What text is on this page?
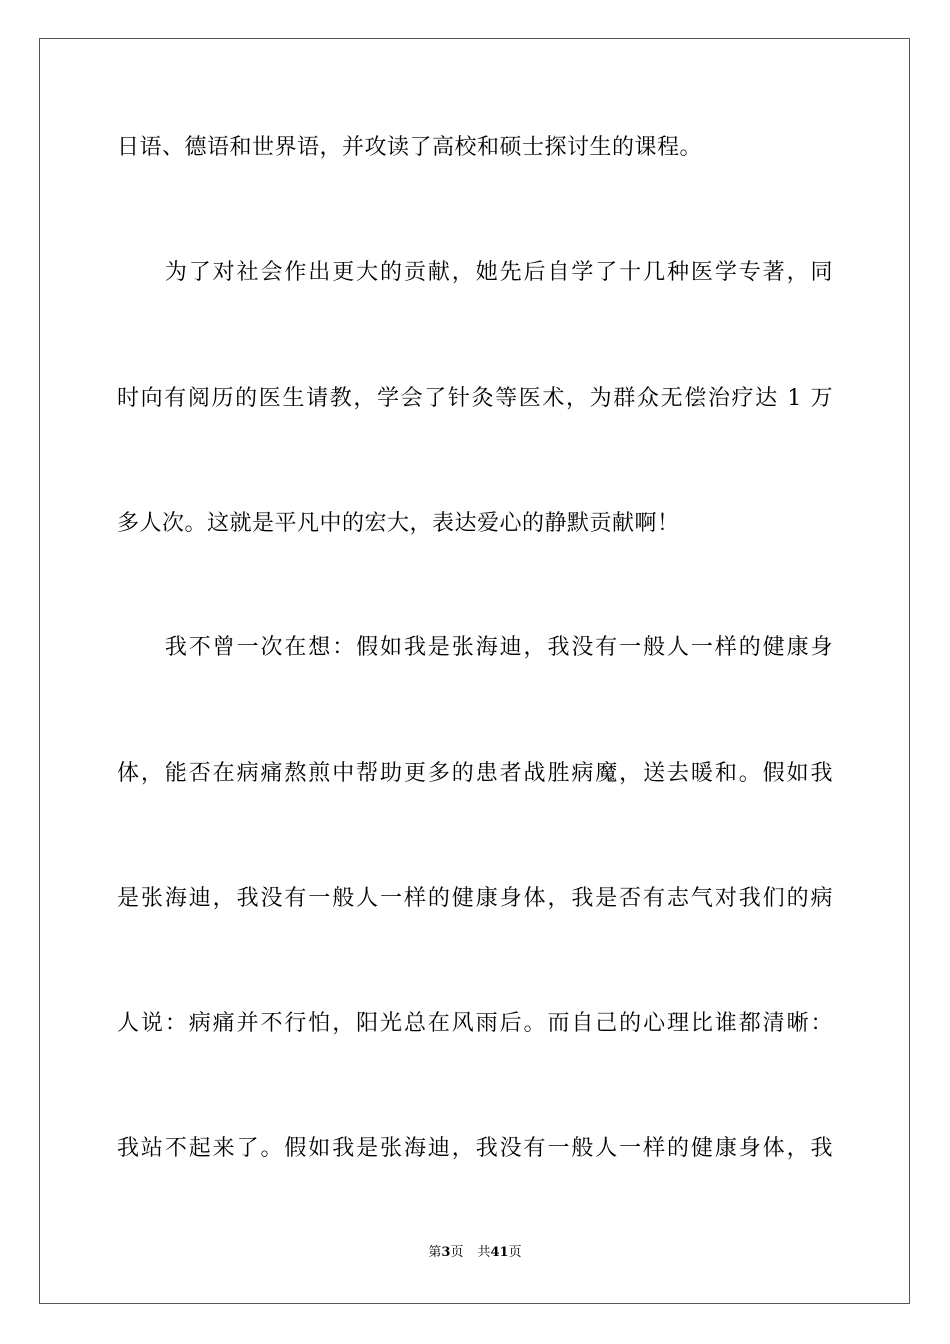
日语、德语和世界语，并攻读了高校和硕士探讨生的课程。
　　为了对社会作出更大的贡献，她先后自学了十几种医学专著，同
时向有阅历的医生请教，学会了针灸等医术，为群众无偿治疗达 1 万
多人次。这就是平凡中的宏大，表达爱心的静默贡献啊！
　　我不曾一次在想：假如我是张海迪，我没有一般人一样的健康身
体，能否在病痛熬煎中帮助更多的患者战胜病魔，送去暖和。假如我
是张海迪，我没有一般人一样的健康身体，我是否有志气对我们的病
人说：病痛并不行怕，阳光总在风雨后。而自己的心理比谁都清晰：
我站不起来了。假如我是张海迪，我没有一般人一样的健康身体，我
第3页 共41页
